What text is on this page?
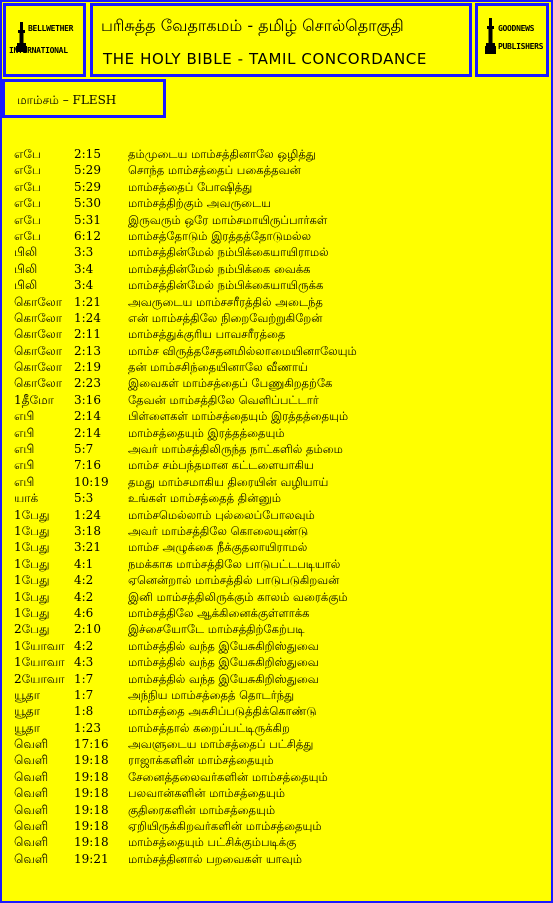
BELLWETHER
INTERNATIONAL
பரிசுத்த வேதாகமம் - தமிழ் சொல்தொகுதி
THE HOLY BIBLE - TAMIL CONCORDANCE
GOODNEWS
PUBLISHERS
மாம்சம் – FLESH
எபே	2:15 தம்முடைய மாம்சத்தினாலே ஒழித்து
எபே	5:29 சொந்த மாம்சத்தைப் பகைத்தவன்
எபே	5:29 மாம்சத்தைப் போஷித்து
எபே	5:30 மாம்சத்திற்கும் அவருடைய
எபே	5:31 இருவரும் ஒரே மாம்சமாயிருப்பார்கள்
எபே	6:12 மாம்சத்தோடும் இரத்தத்தோடுமல்ல
பிலி	3:3	மாம்சத்தின்மேல் நம்பிக்கையாயிராமல்
பிலி	3:4	மாம்சத்தின்மேல் நம்பிக்கை வைக்க
பிலி	3:4	மாம்சத்தின்மேல் நம்பிக்கையாயிருக்க
கொலோ 1:21 அவருடைய மாம்சசரீரத்தில் அடைந்த
கொலோ 1:24 என் மாம்சத்திலே நிறைவேற்றுகிறேன்
கொலோ 2:11 மாம்சத்துக்குரிய பாவசரீரத்தை
கொலோ 2:13 மாம்ச விருத்தசேதனமில்லாமையினாலேயும்
கொலோ 2:19 தன் மாம்சசிந்தையினாலே வீணாய்
கொலோ 2:23 இவைகள் மாம்சத்தைப் பேணுகிறதற்கே
1தீமோ 3:16 தேவன் மாம்சத்திலே வெளிப்பட்டார்
எபி	2:14 பிள்ளைகள் மாம்சத்தையும் இரத்தத்தையும்
எபி	2:14 மாம்சத்தையும் இரத்தத்தையும்
எபி	5:7	அவர் மாம்சத்திலிருந்த நாட்களில் தம்மை
எபி	7:16 மாம்ச சம்பந்தமான கட்டளையாகிய
எபி	10:19 தமது மாம்சமாகிய திரையின் வழியாய்
யாக்	5:3	உங்கள் மாம்சத்தைத் தின்னும்
1பேது 1:24 மாம்சமெல்லாம் புல்லைப்போலவும்
1பேது 3:18 அவர் மாம்சத்திலே கொலையுண்டு
1பேது 3:21 மாம்ச அழுக்கை நீக்குதலாயிராமல்
1பேது 4:1	நமக்காக மாம்சத்திலே பாடுபட்டபடியால்
1பேது 4:2	ஏனென்றால் மாம்சத்தில் பாடுபடுகிறவன்
1பேது 4:2	இனி மாம்சத்திலிருக்கும் காலம் வரைக்கும்
1பேது 4:6	மாம்சத்திலே ஆக்கினைக்குள்ளாக்க
2பேது 2:10 இச்சையோடே மாம்சத்திற்கேற்படி
1யோவா 4:2	மாம்சத்தில் வந்த இயேசுகிறிஸ்துவை
1யோவா 4:3	மாம்சத்தில் வந்த இயேசுகிறிஸ்துவை
2யோவா 1:7	மாம்சத்தில் வந்த இயேசுகிறிஸ்துவை
யூதா	1:7	அந்நிய மாம்சத்தைத் தொடர்ந்து
யூதா	1:8	மாம்சத்தை அசுசிப்படுத்திக்கொண்டு
யூதா	1:23 மாம்சத்தால் கறைப்பட்டிருக்கிற
வெளி 17:16 அவளுடைய மாம்சத்தைப் பட்சித்து
வெளி 19:18 ராஜாக்களின் மாம்சத்தையும்
வெளி 19:18 சேனைத்தலைவர்களின் மாம்சத்தையும்
வெளி 19:18 பலவான்களின் மாம்சத்தையும்
வெளி 19:18 குதிரைகளின் மாம்சத்தையும்
வெளி 19:18 ஏறியிருக்கிறவர்களின் மாம்சத்தையும்
வெளி 19:18 மாம்சத்தையும் பட்சிக்கும்படிக்கு
வெளி 19:21 மாம்சத்தினால் பறவைகள் யாவும்
